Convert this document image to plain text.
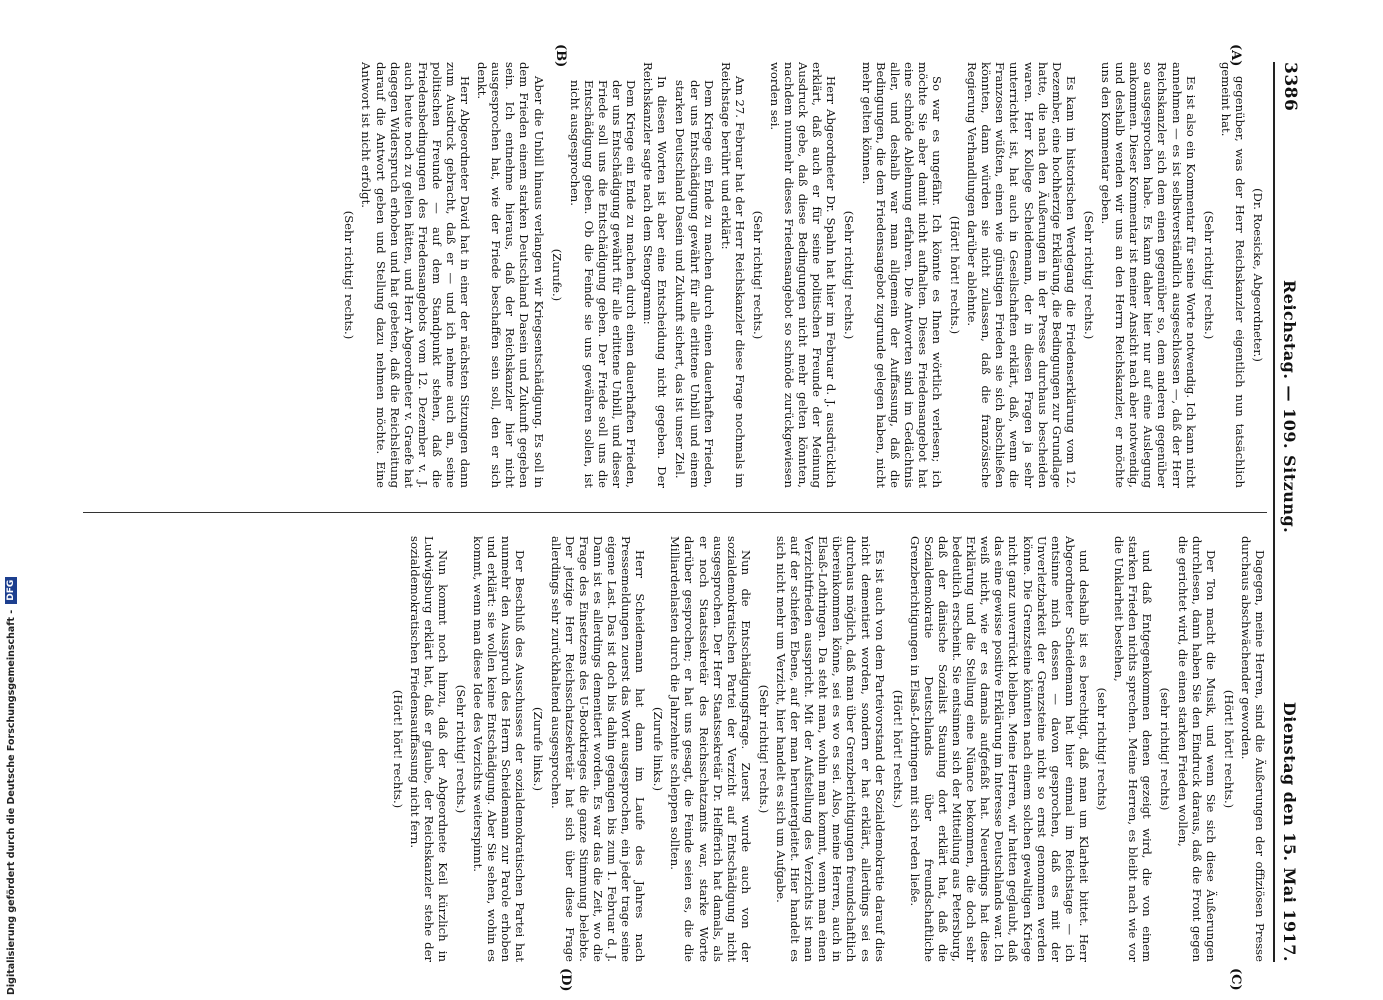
3386
Reichstag. — 109. Sitzung.
Dienstag den 15. Mai 1917.
(A)
(B)
(C)
(D)

(Dr. Roesicke, Abgeordneter.)

gegenüber, was der Herr Reichskanzler eigentlich nun tatsächlich gemeint hat.

(Sehr richtig! rechts.)

Es ist also ein Kommentar für seine Worte notwendig. Ich kann nicht annehmen — es ist selbstverständlich ausgeschlossen —, daß der Herr Reichskanzler sich dem einen gegenüber so, dem anderen gegenüber so ausgesprochen habe. Es kann daher hier nur auf eine Auslegung ankommen. Dieser Kommentar ist meiner Ansicht nach aber notwendig, und deshalb wenden wir uns an den Herrn Reichskanzler, er möchte uns den Kommentar geben.

(Sehr richtig! rechts.)

Es kam im historischen Werdegang die Friedenserklärung vom 12. Dezember, eine hochherzige Erklärung, die Bedingungen zur Grundlage hatte, die nach den Äußerungen in der Presse durchaus bescheiden waren. Herr Kollege Scheidemann, der in diesen Fragen ja sehr unterrichtet ist, hat auch in Gesellschaften erklärt, daß, wenn die Franzosen wüßten, einen wie günstigen Frieden sie sich abschließen könnten, dann würden sie nicht zulassen, daß die französische Regierung Verhandlungen darüber ablehnte.

(Hört! hört! rechts.)

So war es ungefähr. Ich könnte es Ihnen wörtlich verlesen; ich möchte Sie aber damit nicht aufhalten. Dieses Friedensangebot hat eine schnöde Ablehnung erfahren. Die Antworten sind im Gedächtnis aller, und deshalb war man allgemein der Auffassung, daß die Bedingungen, die dem Friedensangebot zugrunde gelegen haben, nicht mehr gelten können.

(Sehr richtig! rechts.)

Herr Abgeordneter Dr. Spahn hat hier im Februar d. J. ausdrücklich erklärt, daß auch er für seine politischen Freunde der Meinung Ausdruck gebe, daß diese Bedingungen nicht mehr gelten könnten, nachdem nunmehr dieses Friedensangebot so schnöde zurückgewiesen worden sei.

(Sehr richtig! rechts.)

Am 27. Februar hat der Herr Reichskanzler diese Frage nochmals im Reichstage berührt und erklärt:

Dem Kriege ein Ende zu machen durch einen dauerhaften Frieden, der uns Entschädigung gewährt für alle erlittene Unbill und einem starken Deutschland Dasein und Zukunft sichert, das ist unser Ziel.

In diesen Worten ist aber eine Entscheidung nicht gegeben. Der Reichskanzler sagte nach dem Stenogramm:

Dem Kriege ein Ende zu machen durch einen dauerhaften Frieden, der uns Entschädigung gewährt für alle erlittene Unbill, und dieser Friede soll uns die Entschädigung geben. Der Friede soll uns die Entschädigung geben. Ob die Feinde sie uns gewähren sollen, ist nicht ausgesprochen.

(Zurufe.)

Aber die Unbill hinaus verlangen wir Kriegsentschädigung. Es soll in dem Frieden einem starken Deutschland Dasein und Zukunft gegeben sein. Ich entnehme hieraus, daß der Reichskanzler hier nicht ausgesprochen hat, wie der Friede beschaffen sein soll, den er sich denkt.

Herr Abgeordneter David hat in einer der nächsten Sitzungen dann zum Ausdruck gebracht, daß er — und ich nehme auch an, seine politischen Freunde — auf dem Standpunkt stehen, daß die Friedensbedingungen des Friedensangebots vom 12. Dezember v. J. auch heute noch zu gelten hätten, und Herr Abgeordneter v. Graefe hat dagegen Widerspruch erhoben und hat gebeten, daß die Reichsleitung darauf die Antwort geben und Stellung dazu nehmen möchte. Eine Antwort ist nicht erfolgt.

(Sehr richtig! rechts.)

Dagegen, meine Herren, sind die Äußerungen der offiziösen Presse durchaus abschwächender geworden.

(Hört! hört! rechts.)

Der Ton macht die Musik, und wenn Sie sich diese Äußerungen durchlesen, dann haben Sie den Eindruck daraus, daß die Front gegen die gerichtet wird, die einen starken Frieden wollen,

(sehr richtig! rechts)

und daß Entgegenkommen denen gezeigt wird, die von einem starken Frieden nichts sprechen. Meine Herren, es bleibt nach wie vor die Unklarheit bestehen,

(sehr richtig! rechts)

und deshalb ist es berechtigt, daß man um Klarheit bittet. Herr Abgeordneter Scheidemann hat hier einmal im Reichstage — ich entsinne mich dessen — davon gesprochen, daß es mit der Unverletzbarkeit der Grenzsteine nicht so ernst genommen werden könne. Die Grenzsteine könnten nach einem solchen gewaltigen Kriege nicht ganz unverrückt bleiben. Meine Herren, wir hatten geglaubt, daß das eine gewisse positive Erklärung im Interesse Deutschlands war. Ich weiß nicht, wie er es damals aufgefaßt hat. Neuerdings hat diese Erklärung und die Stellung eine Nüance bekommen, die doch sehr bedeutlich erscheint. Sie entsinnen sich der Mitteilung aus Petersburg, daß der dänische Sozialist Stauning dort erklärt hat, daß die Sozialdemokratie Deutschlands über freundschaftliche Grenzberichtigungen in Elsaß-Lothringen mit sich reden ließe.

(Hört! hört! rechts.)

Es ist auch von dem Parteivorstand der Sozialdemokratie darauf dies nicht dementiert worden, sondern er hat erklärt, allerdings sei es durchaus möglich, daß man über Grenzberichtigungen freundschaftlich übereinkommen könne, sei es wo es sei. Also, meine Herren, auch in Elsaß-Lothringen. Da steht man, wohin man kommt, wenn man einen Verzichtfrieden ausspricht. Mit der Aufstellung des Verzichts ist man auf der schiefen Ebene, auf der man heruntergleitet. Hier handelt es sich nicht mehr um Verzicht, hier handelt es sich um Aufgabe.

(Sehr richtig! rechts.)

Nun die Entschädigungsfrage. Zuerst wurde auch von der sozialdemokratischen Partei der Verzicht auf Entschädigung nicht ausgesprochen. Der Herr Staatssekretär Dr. Helfferich hat damals, als er noch Staatssekretär des Reichsschatzamts war, starke Worte darüber gesprochen; er hat uns gesagt, die Feinde seien es, die die Milliardenlasten durch die Jahrzehnte schleppen sollten.

(Zurufe links.)

Herr Scheidemann hat dann im Laufe des Jahres nach Pressemeldungen zuerst das Wort ausgesprochen, ein jeder trage seine eigene Last. Das ist doch bis dahin gegangen bis zum 1. Februar d. J. Dann ist es allerdings dementiert worden. Es war das die Zeit, wo die Frage des Einsetzens des U-Bootkrieges die ganze Stimmung belebte. Der jetzige Herr Reichsschatzsekretär hat sich über diese Frage allerdings sehr zurückhaltend ausgesprochen.

(Zurufe links.)

Der Beschluß des Ausschusses der sozialdemokratischen Partei hat nunmehr den Ausspruch des Herrn Scheidemann zur Parole erhoben und erklärt: sie wollen keine Entschädigung. Aber Sie sehen, wohin es kommt, wenn man diese Idee des Verzichts weiterspinnt.

(Sehr richtig! rechts.)

Nun kommt noch hinzu, daß der Abgeordnete Keil kürzlich in Ludwigsburg erklärt hat, daß er glaube, der Reichskanzler stehe der sozialdemokratischen Friedensauffassung nicht fern.

(Hört! hört! rechts.)

Digitalisierung gefördert durch die Deutsche Forschungsgemeinschaft -
DFG
